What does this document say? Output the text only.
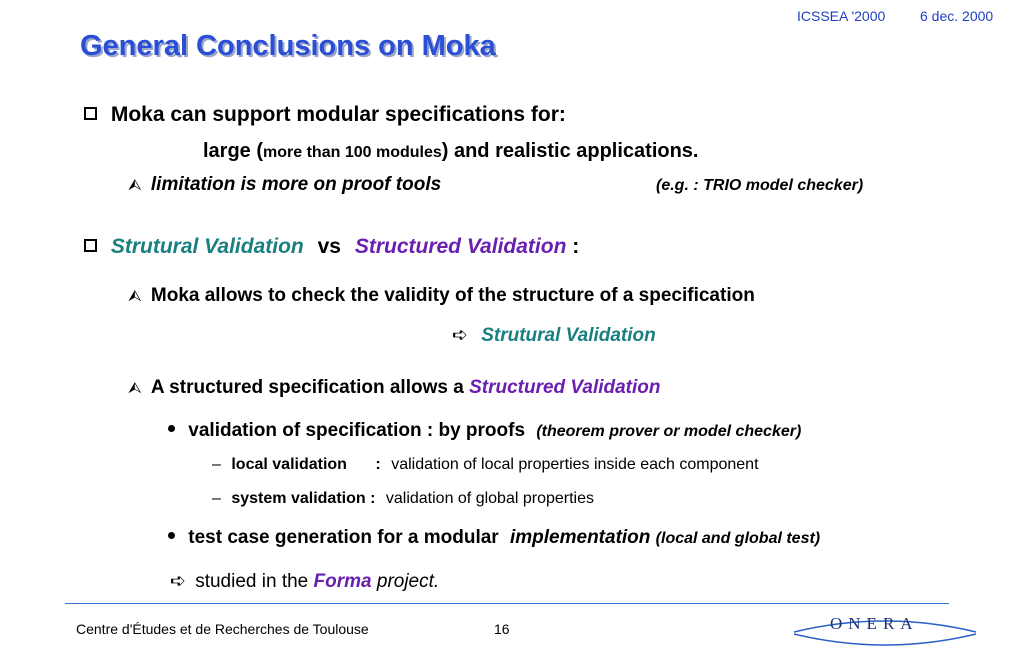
ICSSEA '2000 6 dec. 2000
General Conclusions on Moka
Moka can support modular specifications for:
large (more than 100 modules) and realistic applications.
⮙ limitation is more on proof tools	(e.g. : TRIO model checker)
Strutural Validation vs Structured Validation :
⮙ Moka allows to check the validity of the structure of a specification
➪ Strutural Validation
⮙ A structured specification allows a Structured Validation
validation of specification : by proofs (theorem prover or model checker)
– local validation : validation of local properties inside each component
– system validation : validation of global properties
test case generation for a modular implementation (local and global test)
➪ studied in the Forma project.
Centre d'Études et de Recherches de Toulouse	16	ONERA
